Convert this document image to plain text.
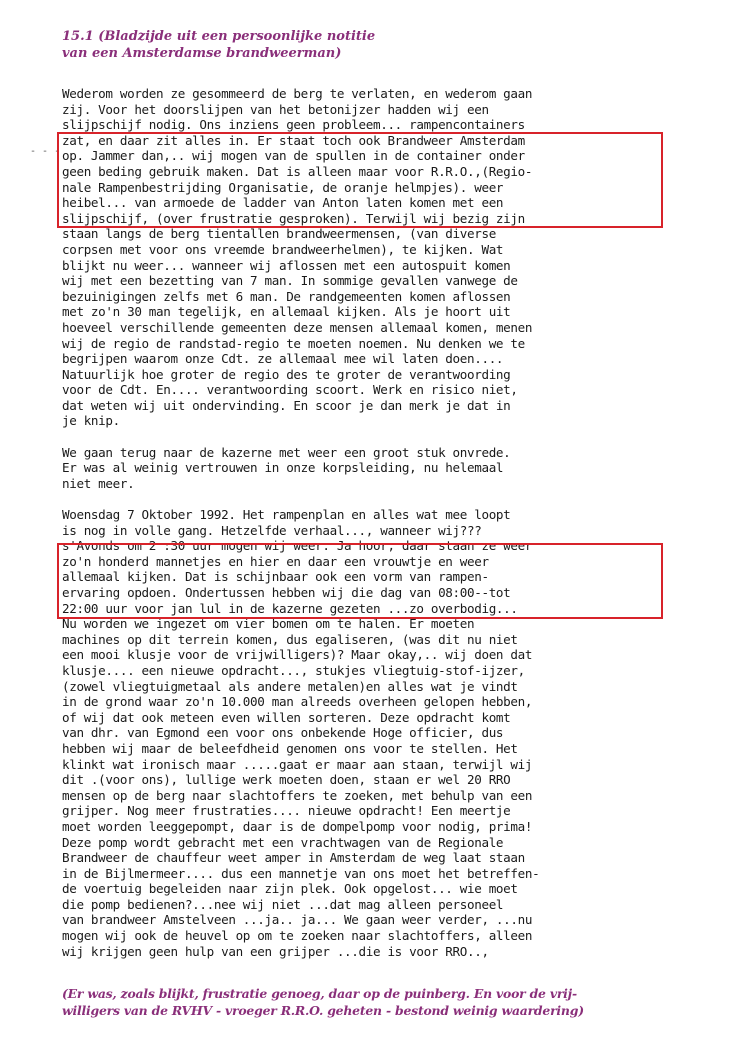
15.1 (Bladzijde uit een persoonlijke notitie
van een Amsterdamse brandweerman)
- - -
Wederom worden ze gesommeerd de berg te verlaten, en wederom gaan
zij. Voor het doorslijpen van het betonijzer hadden wij een
slijpschijf nodig. Ons inziens geen probleem... rampencontainers
zat, en daar zit alles in. Er staat toch ook Brandweer Amsterdam
op. Jammer dan,.. wij mogen van de spullen in de container onder
geen beding gebruik maken. Dat is alleen maar voor R.R.O.,(Regio-
nale Rampenbestrijding Organisatie, de oranje helmpjes). weer
heibel... van armoede de ladder van Anton laten komen met een
slijpschijf, (over frustratie gesproken). Terwijl wij bezig zijn
staan langs de berg tientallen brandweermensen, (van diverse
corpsen met voor ons vreemde brandweerhelmen), te kijken. Wat
blijkt nu weer... wanneer wij aflossen met een autospuit komen
wij met een bezetting van 7 man. In sommige gevallen vanwege de
bezuinigingen zelfs met 6 man. De randgemeenten komen aflossen
met zo'n 30 man tegelijk, en allemaal kijken. Als je hoort uit
hoeveel verschillende gemeenten deze mensen allemaal komen, menen
wij de regio de randstad-regio te moeten noemen. Nu denken we te
begrijpen waarom onze Cdt. ze allemaal mee wil laten doen....
Natuurlijk hoe groter de regio des te groter de verantwoording
voor de Cdt. En.... verantwoording scoort. Werk en risico niet,
dat weten wij uit ondervinding. En scoor je dan merk je dat in
je knip.
We gaan terug naar de kazerne met weer een groot stuk onvrede.
Er was al weinig vertrouwen in onze korpsleiding, nu helemaal
niet meer.
Woensdag 7 Oktober 1992. Het rampenplan en alles wat mee loopt
is nog in volle gang. Hetzelfde verhaal..., wanneer wij???
s'Avonds om 2 :30 uur mogen wij weer. Ja hoor, daar staan ze weer
zo'n honderd mannetjes en hier en daar een vrouwtje en weer
allemaal kijken. Dat is schijnbaar ook een vorm van rampen-
ervaring opdoen. Ondertussen hebben wij die dag van 08:00--tot
22:00 uur voor jan lul in de kazerne gezeten ...zo overbodig...
Nu worden we ingezet om vier bomen om te halen. Er moeten
machines op dit terrein komen, dus egaliseren, (was dit nu niet
een mooi klusje voor de vrijwilligers)? Maar okay,.. wij doen dat
klusje.... een nieuwe opdracht..., stukjes vliegtuig-stof-ijzer,
(zowel vliegtuigmetaal als andere metalen)en alles wat je vindt
in de grond waar zo'n 10.000 man alreeds overheen gelopen hebben,
of wij dat ook meteen even willen sorteren. Deze opdracht komt
van dhr. van Egmond een voor ons onbekende Hoge officier, dus
hebben wij maar de beleefdheid genomen ons voor te stellen. Het
klinkt wat ironisch maar .....gaat er maar aan staan, terwijl wij
dit .(voor ons), lullige werk moeten doen, staan er wel 20 RRO
mensen op de berg naar slachtoffers te zoeken, met behulp van een
grijper. Nog meer frustraties.... nieuwe opdracht! Een meertje
moet worden leeggepompt, daar is de dompelpomp voor nodig, prima!
Deze pomp wordt gebracht met een vrachtwagen van de Regionale
Brandweer de chauffeur weet amper in Amsterdam de weg laat staan
in de Bijlmermeer.... dus een mannetje van ons moet het betreffen-
de voertuig begeleiden naar zijn plek. Ook opgelost... wie moet
die pomp bedienen?...nee wij niet ...dat mag alleen personeel
van brandweer Amstelveen ...ja.. ja... We gaan weer verder, ...nu
mogen wij ook de heuvel op om te zoeken naar slachtoffers, alleen
wij krijgen geen hulp van een grijper ...die is voor RRO..,
(Er was, zoals blijkt, frustratie genoeg, daar op de puinberg. En voor de vrij-
willigers van de RVHV - vroeger R.R.O. geheten - bestond weinig waardering)
